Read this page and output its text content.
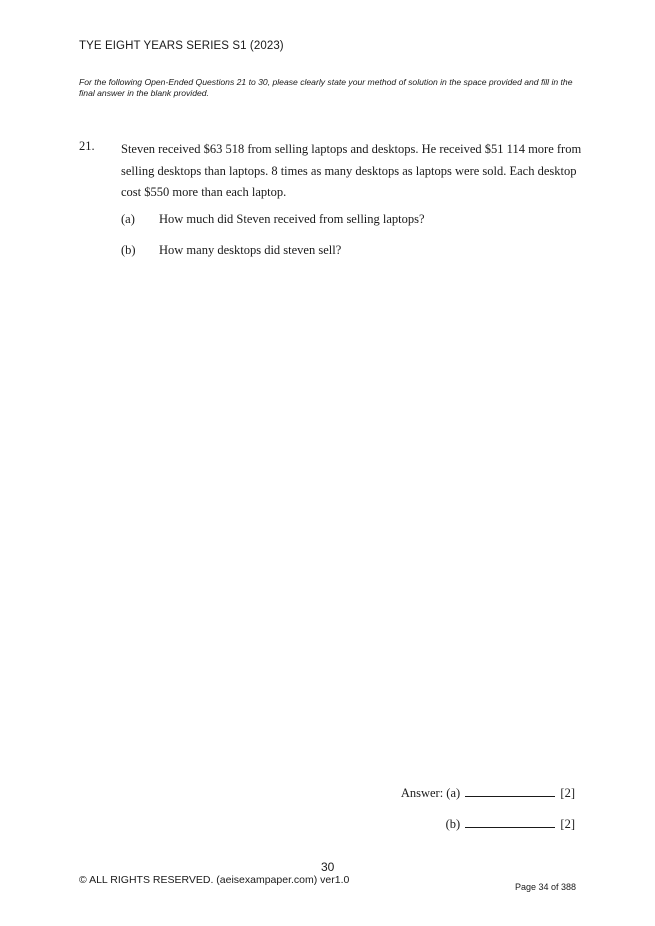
TYE EIGHT YEARS SERIES S1 (2023)
For the following Open-Ended Questions 21 to 30, please clearly state your method of solution in the space provided and fill in the final answer in the blank provided.
21. Steven received $63 518 from selling laptops and desktops. He received $51 114 more from selling desktops than laptops. 8 times as many desktops as laptops were sold. Each desktop cost $550 more than each laptop.
(a) How much did Steven received from selling laptops?
(b) How many desktops did steven sell?
Answer: (a)	[2]
(b)	[2]
30
© ALL RIGHTS RESERVED. (aeisexampaper.com) ver1.0
Page 34 of 388
